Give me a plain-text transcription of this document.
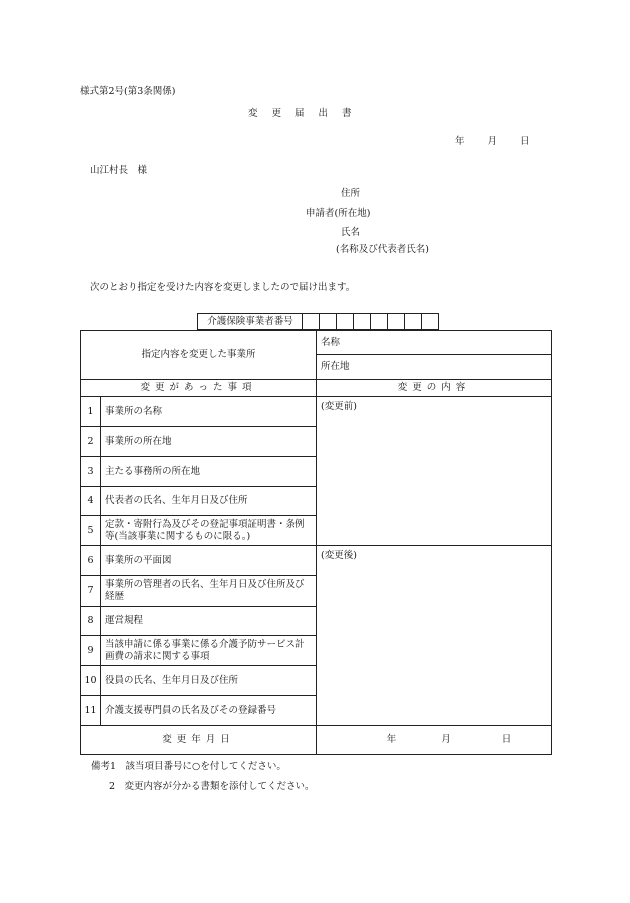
様式第2号(第3条関係)
変更届出書
年 月 日
山江村長　様
住所
申請者(所在地)
氏名
(名称及び代表者氏名)
次のとおり指定を受けた内容を変更しましたので届け出ます。
介護保険事業者番号
指定内容を変更した事業所		名称
		所在地
変更があった事項		変更の内容
1	事業所の名称	(変更前)
2	事業所の所在地	
3	主たる事務所の所在地	
4	代表者の氏名、生年月日及び住所	
5	定款・寄附行為及びその登記事項証明書・条例等(当該事業に関するものに限る。)	
6	事業所の平面図	(変更後)
7	事業所の管理者の氏名、生年月日及び住所及び経歴	
8	運営規程	
9	当該申請に係る事業に係る介護予防サービス計画費の請求に関する事項	
10	役員の氏名、生年月日及び住所	
11	介護支援専門員の氏名及びその登録番号	
変更年月日		年 月 日
備考1　該当項目番号に○を付してください。
2　変更内容が分かる書類を添付してください。
